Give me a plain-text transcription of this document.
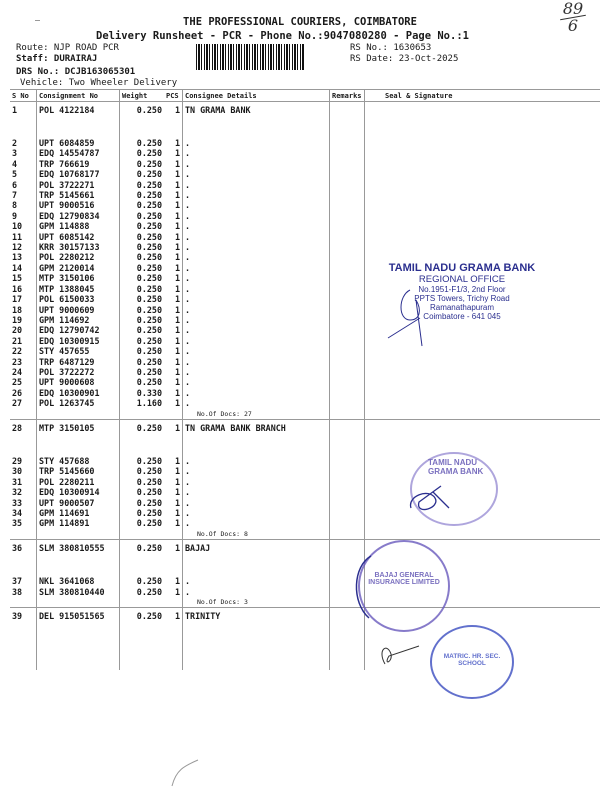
THE PROFESSIONAL COURIERS, COIMBATORE
Delivery Runsheet - PCR - Phone No.:9047080280 - Page No.:1
89
6
Route: NJP ROAD PCR
Staff: DURAIRAJ
DRS No.: DCJB163065301
Vehicle: Two Wheeler Delivery
RS No.: 1630653
RS Date: 23-Oct-2025
S No	Consignment No	Weight	PCS	Consignee Details	Remarks	Seal & Signature
1	POL 4122184	0.250	1	TN GRAMA BANK		
2	UPT 6084859	0.250	1	.		
3	EDQ 14554787	0.250	1	.		
4	TRP 766619	0.250	1	.		
5	EDQ 10768177	0.250	1	.		
6	POL 3722271	0.250	1	.		
7	TRP 5145661	0.250	1	.		
8	UPT 9000516	0.250	1	.		
9	EDQ 12790834	0.250	1	.		
10	GPM 114888	0.250	1	.		
11	UPT 6085142	0.250	1	.		
12	KRR 30157133	0.250	1	.		
13	POL 2280212	0.250	1	.		
14	GPM 2120014	0.250	1	.		
15	MTP 3150106	0.250	1	.		
16	MTP 1388045	0.250	1	.		
17	POL 6150033	0.250	1	.		
18	UPT 9000609	0.250	1	.		
19	GPM 114692	0.250	1	.		
20	EDQ 12790742	0.250	1	.		
21	EDQ 10300915	0.250	1	.		
22	STY 457655	0.250	1	.		
23	TRP 6487129	0.250	1	.		
24	POL 3722272	0.250	1	.		
25	UPT 9000608	0.250	1	.		
26	EDQ 10300901	0.330	1	.		
27	POL 1263745	1.160	1	.		
				No.Of Docs: 27		
28	MTP 3150105	0.250	1	TN GRAMA BANK BRANCH		
29	STY 457688	0.250	1	.		
30	TRP 5145660	0.250	1	.		
31	POL 2280211	0.250	1	.		
32	EDQ 10300914	0.250	1	.		
33	UPT 9000507	0.250	1	.		
34	GPM 114691	0.250	1	.		
35	GPM 114891	0.250	1	.		
				No.Of Docs: 8		
36	SLM 380810555	0.250	1	BAJAJ		
37	NKL 3641068	0.250	1	.		
38	SLM 380810440	0.250	1	.		
				No.Of Docs: 3		
39	DEL 915051565	0.250	1	TRINITY		

TAMIL NADU GRAMA BANK
REGIONAL OFFICE
No.1951-F1/3, 2nd Floor
PPTS Towers, Trichy Road
Ramanathapuram
Coimbatore - 641 045
TAMIL NADU GRAMA BANK
BAJAJ GENERAL INSURANCE LIMITED
MATRIC. HR. SEC. SCHOOL
